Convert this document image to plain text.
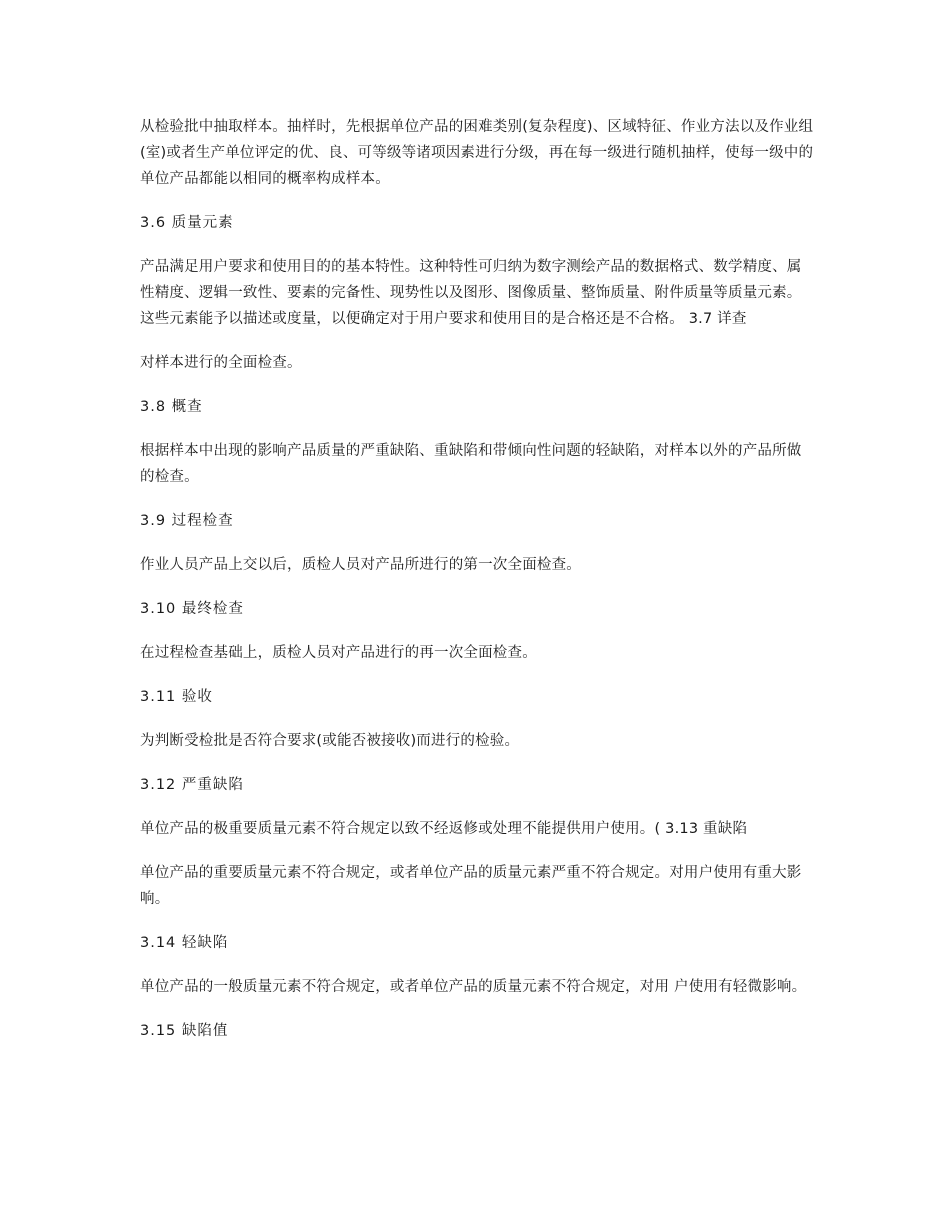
从检验批中抽取样本。抽样时，先根据单位产品的困难类别(复杂程度)、区域特征、作业方法以及作业组(室)或者生产单位评定的优、良、可等级等诸项因素进行分级，再在每一级进行随机抽样，使每一级中的单位产品都能以相同的概率构成样本。

3.6 质量元素

产品满足用户要求和使用目的的基本特性。这种特性可归纳为数字测绘产品的数据格式、数学精度、属性精度、逻辑一致性、要素的完备性、现势性以及图形、图像质量、整饰质量、附件质量等质量元素。这些元素能予以描述或度量，以便确定对于用户要求和使用目的是合格还是不合格。 3.7 详查

对样本进行的全面检查。

3.8 概查

根据样本中出现的影响产品质量的严重缺陷、重缺陷和带倾向性问题的轻缺陷，对样本以外的产品所做的检查。

3.9 过程检查

作业人员产品上交以后，质检人员对产品所进行的第一次全面检查。

3.10 最终检查

在过程检查基础上，质检人员对产品进行的再一次全面检查。

3.11 验收

为判断受检批是否符合要求(或能否被接收)而进行的检验。

3.12 严重缺陷

单位产品的极重要质量元素不符合规定以致不经返修或处理不能提供用户使用。( 3.13 重缺陷

单位产品的重要质量元素不符合规定，或者单位产品的质量元素严重不符合规定。对用户使用有重大影响。

3.14 轻缺陷

单位产品的一般质量元素不符合规定，或者单位产品的质量元素不符合规定，对用 户使用有轻微影响。

3.15 缺陷值
